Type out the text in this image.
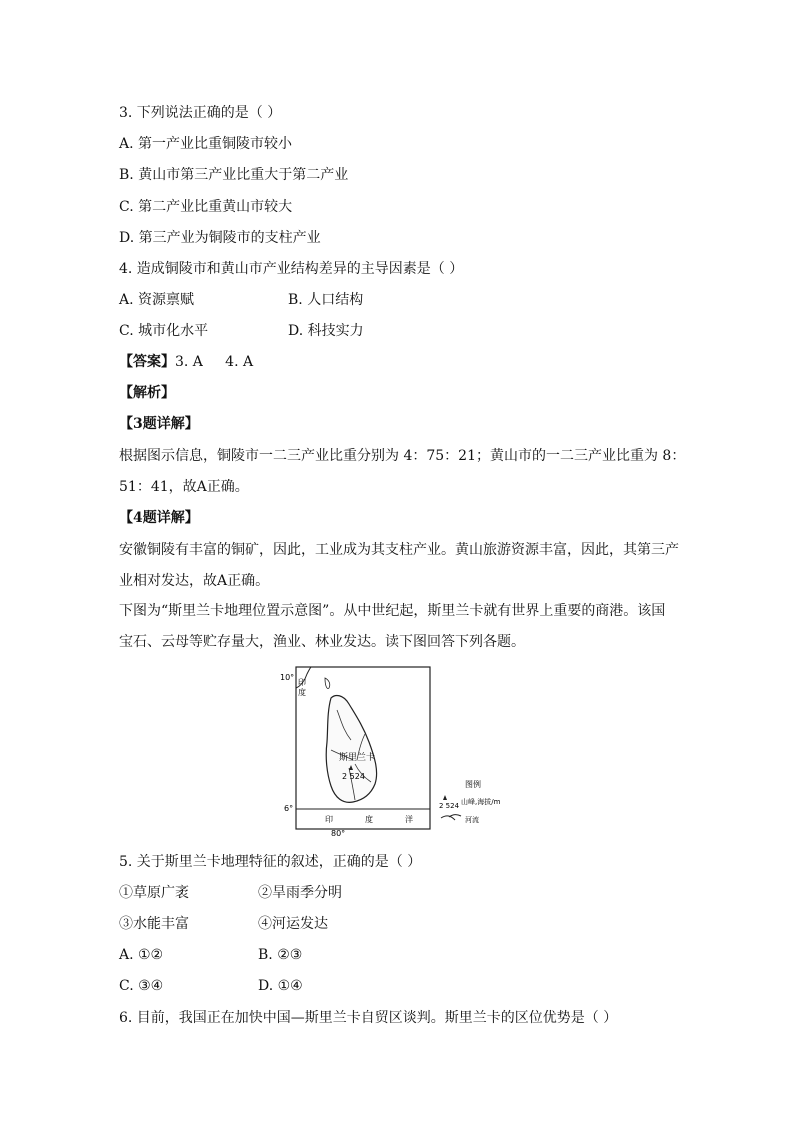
3. 下列说法正确的是（ ）
A. 第一产业比重铜陵市较小
B. 黄山市第三产业比重大于第二产业
C. 第二产业比重黄山市较大
D. 第三产业为铜陵市的支柱产业
4. 造成铜陵市和黄山市产业结构差异的主导因素是（ ）
A. 资源禀赋	B. 人口结构
C. 城市化水平	D. 科技实力
【答案】3. A     4. A
【解析】
【3题详解】
根据图示信息，铜陵市一二三产业比重分别为 4：75：21；黄山市的一二三产业比重为 8：
51：41，故A正确。
【4题详解】
安徽铜陵有丰富的铜矿，因此，工业成为其支柱产业。黄山旅游资源丰富，因此，其第三产
业相对发达，故A正确。
下图为“斯里兰卡地理位置示意图”。从中世纪起，斯里兰卡就有世界上重要的商港。该国
宝石、云母等贮存量大，渔业、林业发达。读下图回答下列各题。
10°
6°
80°
印
度
斯里兰卡
2 524
印	度	洋
图例
2 524 山峰,海拔/m
河流
5. 关于斯里兰卡地理特征的叙述，正确的是（ ）
①草原广袤	②旱雨季分明
③水能丰富	④河运发达
A. ①②	B. ②③
C. ③④	D. ①④
6. 目前，我国正在加快中国—斯里兰卡自贸区谈判。斯里兰卡的区位优势是（ ）
